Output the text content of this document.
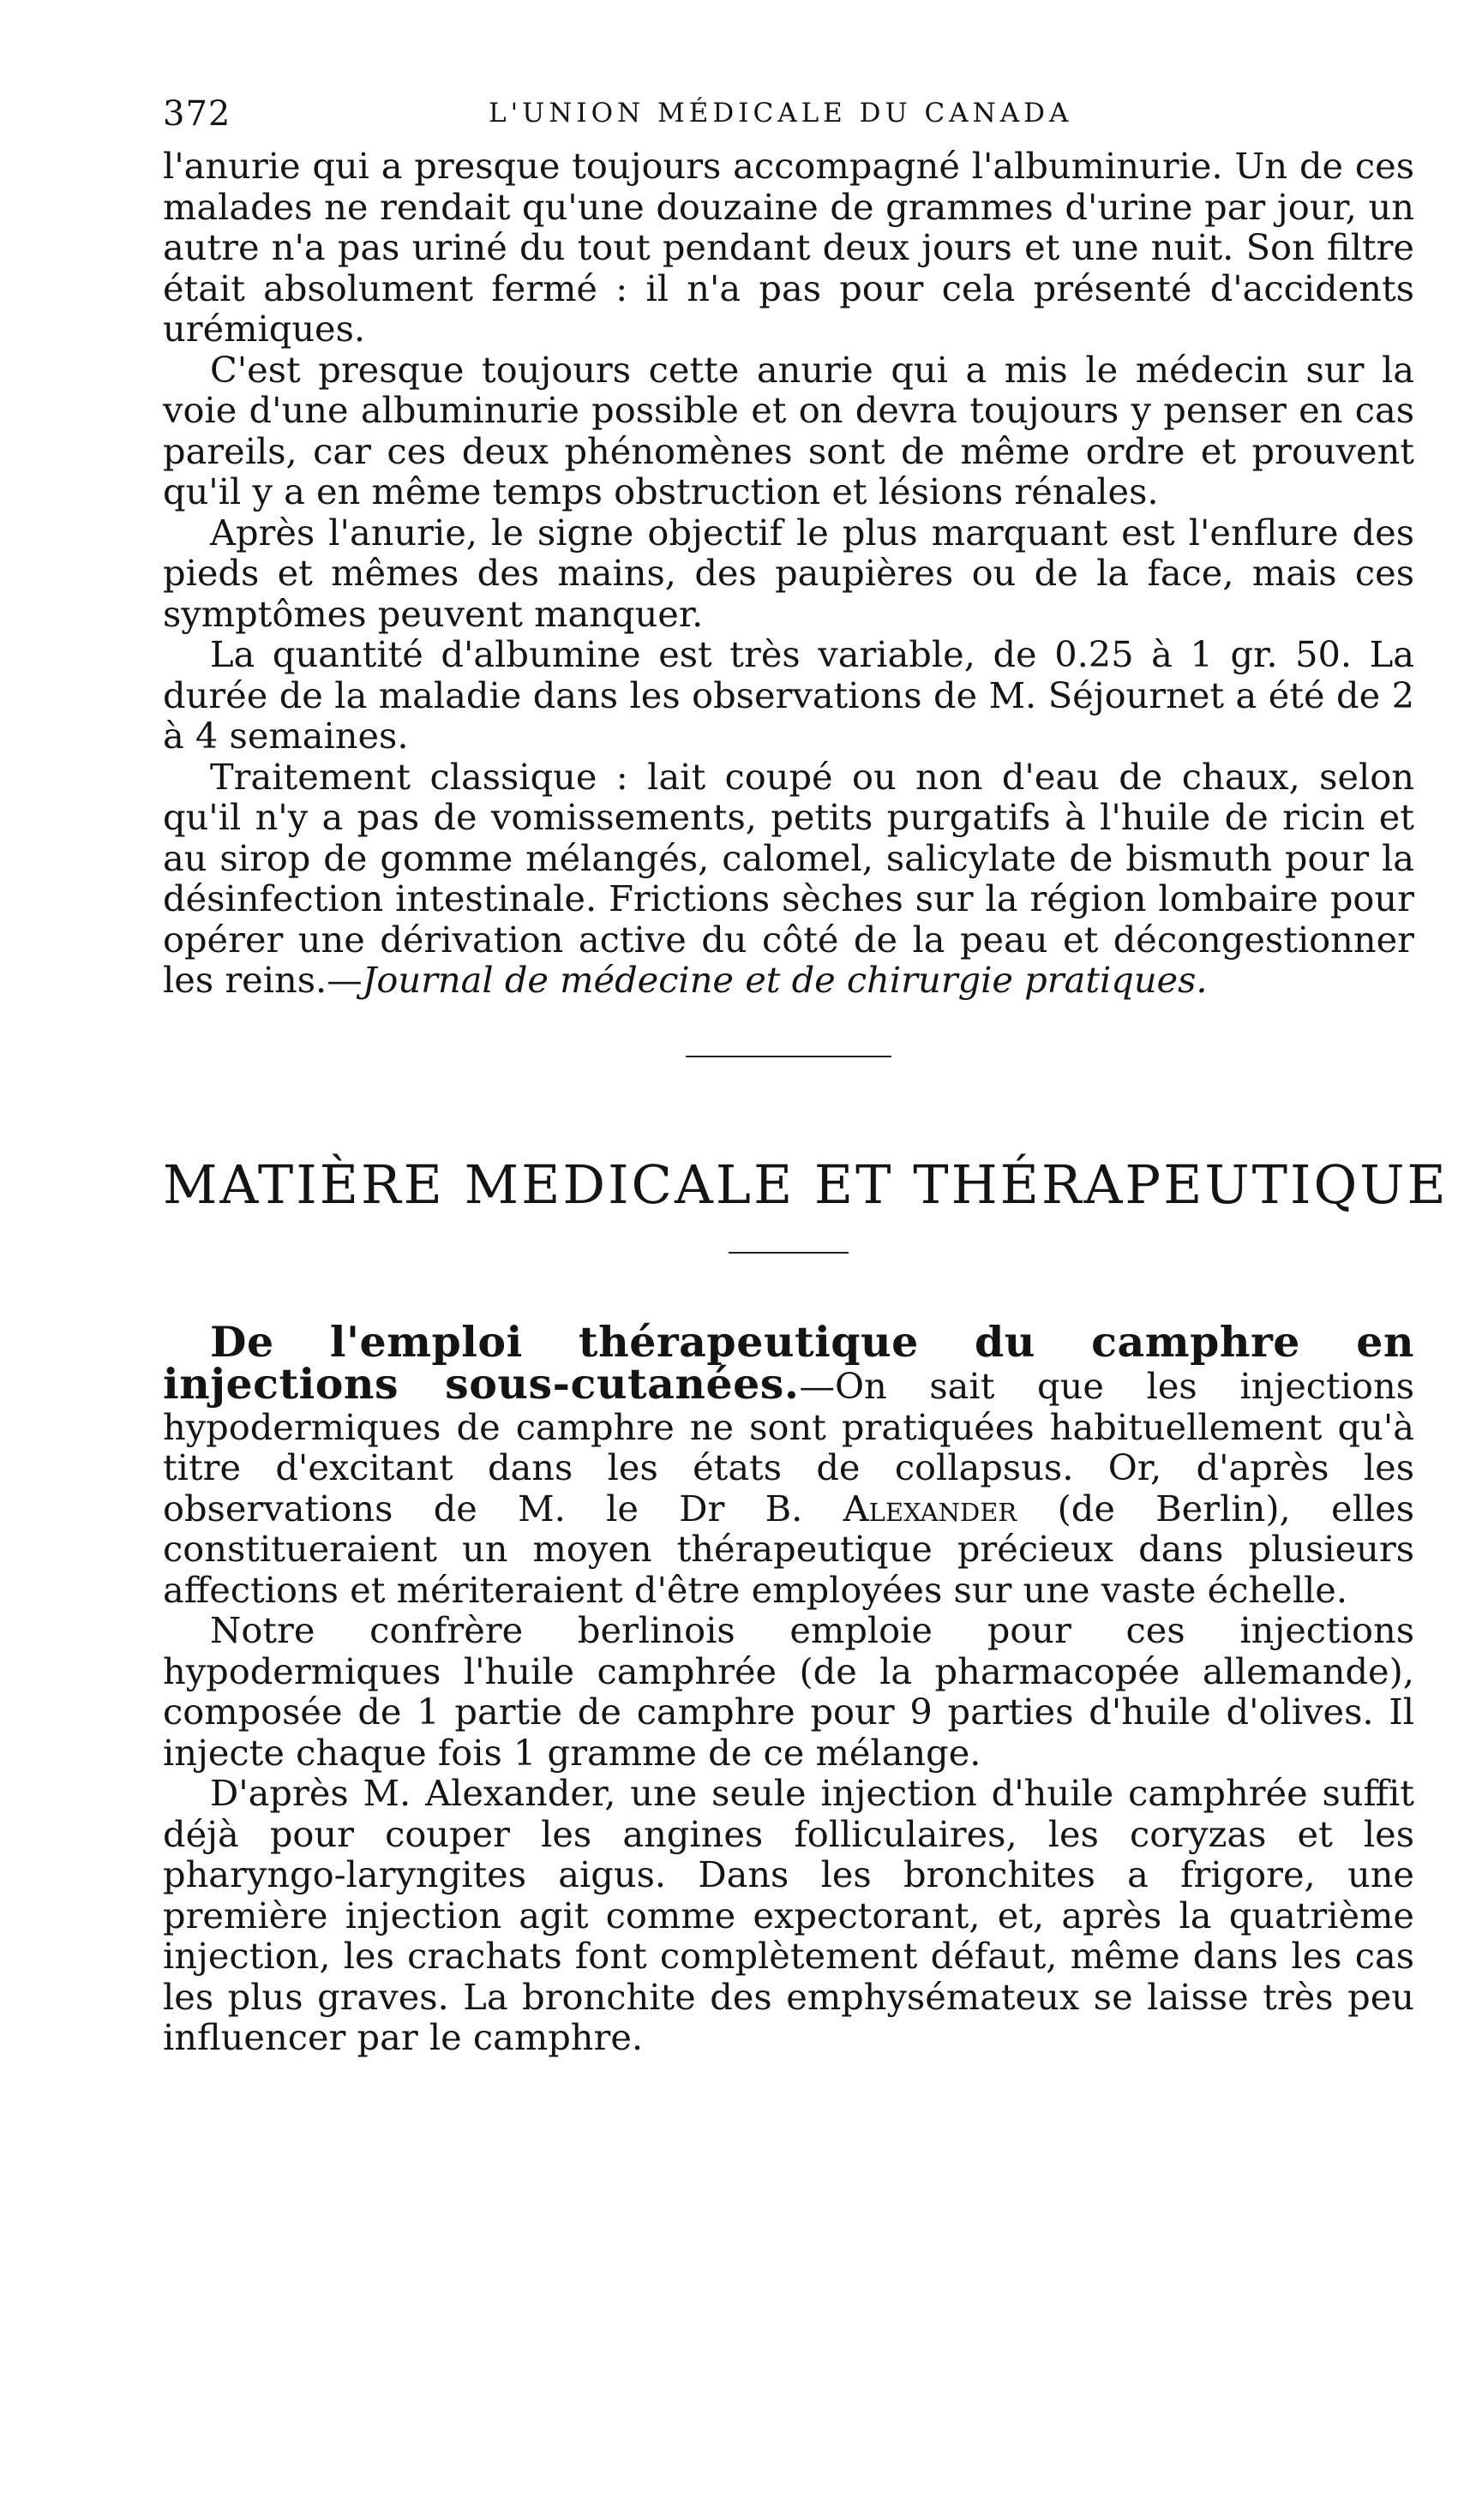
372	L'UNION MÉDICALE DU CANADA

l'anurie qui a presque toujours accompagné l'albuminurie. Un de ces malades ne rendait qu'une douzaine de grammes d'urine par jour, un autre n'a pas uriné du tout pendant deux jours et une nuit. Son filtre était absolument fermé : il n'a pas pour cela présenté d'accidents urémiques.

C'est presque toujours cette anurie qui a mis le médecin sur la voie d'une albuminurie possible et on devra toujours y penser en cas pareils, car ces deux phénomènes sont de même ordre et prouvent qu'il y a en même temps obstruction et lésions rénales.

Après l'anurie, le signe objectif le plus marquant est l'enflure des pieds et mêmes des mains, des paupières ou de la face, mais ces symptômes peuvent manquer.

La quantité d'albumine est très variable, de 0.25 à 1 gr. 50. La durée de la maladie dans les observations de M. Séjournet a été de 2 à 4 semaines.

Traitement classique : lait coupé ou non d'eau de chaux, selon qu'il n'y a pas de vomissements, petits purgatifs à l'huile de ricin et au sirop de gomme mélangés, calomel, salicylate de bismuth pour la désinfection intestinale. Frictions sèches sur la région lombaire pour opérer une dérivation active du côté de la peau et décongestionner les reins.—Journal de médecine et de chirurgie pratiques.

MATIÈRE MEDICALE ET THÉRAPEUTIQUE

De l'emploi thérapeutique du camphre en injections sous-cutanées.—On sait que les injections hypodermiques de camphre ne sont pratiquées habituellement qu'à titre d'excitant dans les états de collapsus. Or, d'après les observations de M. le Dr B. Alexander (de Berlin), elles constitueraient un moyen thérapeutique précieux dans plusieurs affections et mériteraient d'être employées sur une vaste échelle.

Notre confrère berlinois emploie pour ces injections hypodermiques l'huile camphrée (de la pharmacopée allemande), composée de 1 partie de camphre pour 9 parties d'huile d'olives. Il injecte chaque fois 1 gramme de ce mélange.

D'après M. Alexander, une seule injection d'huile camphrée suffit déjà pour couper les angines folliculaires, les coryzas et les pharyngo-laryngites aigus. Dans les bronchites a frigore, une première injection agit comme expectorant, et, après la quatrième injection, les crachats font complètement défaut, même dans les cas les plus graves. La bronchite des emphysémateux se laisse très peu influencer par le camphre.
